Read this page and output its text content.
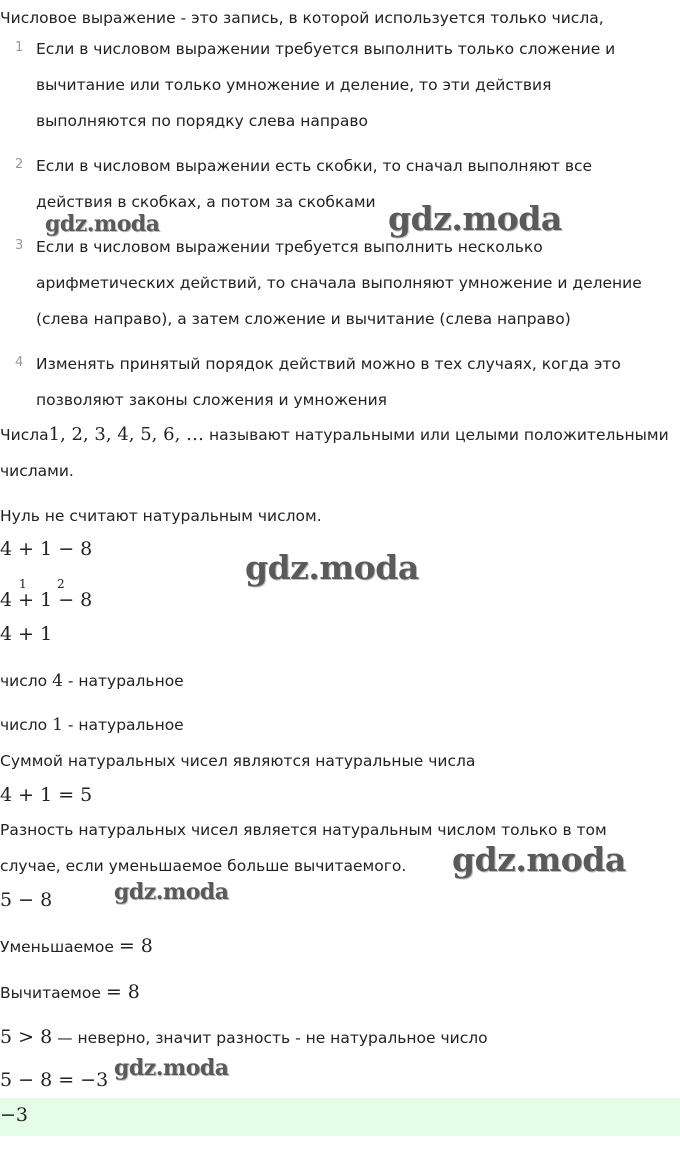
Числовое выражение - это запись, в которой используется только числа,
1 Если в числовом выражении требуется выполнить только сложение и
вычитание или только умножение и деление, то эти действия
выполняются по порядку слева направо
2 Если в числовом выражении есть скобки, то сначал выполняют все
действия в скобках, а потом за скобками
3 Если в числовом выражении требуется выполнить несколько
арифметических действий, то сначала выполняют умножение и деление
(слева направо), а затем сложение и вычитание (слева направо)
4 Изменять принятый порядок действий можно в тех случаях, когда это
позволяют законы сложения и умножения
Числа1, 2, 3, 4, 5, 6, … называют натуральными или целыми положительными
числами.
Нуль не считают натуральным числом.
4 + 1 − 8
1	2
4 + 1 − 8
4 + 1
число 4 - натуральное
число 1 - натуральное
Суммой натуральных чисел являются натуральные числа
4 + 1 = 5
Разность натуральных чисел является натуральным числом только в том
случае, если уменьшаемое больше вычитаемого.
5 − 8
Уменьшаемое = 8
Вычитаемое = 8
5 > 8 — неверно, значит разность - не натуральное число
5 − 8 = −3
−3
gdz.moda	gdz.moda
gdz.moda
gdz.moda
gdz.moda
gdz.moda
